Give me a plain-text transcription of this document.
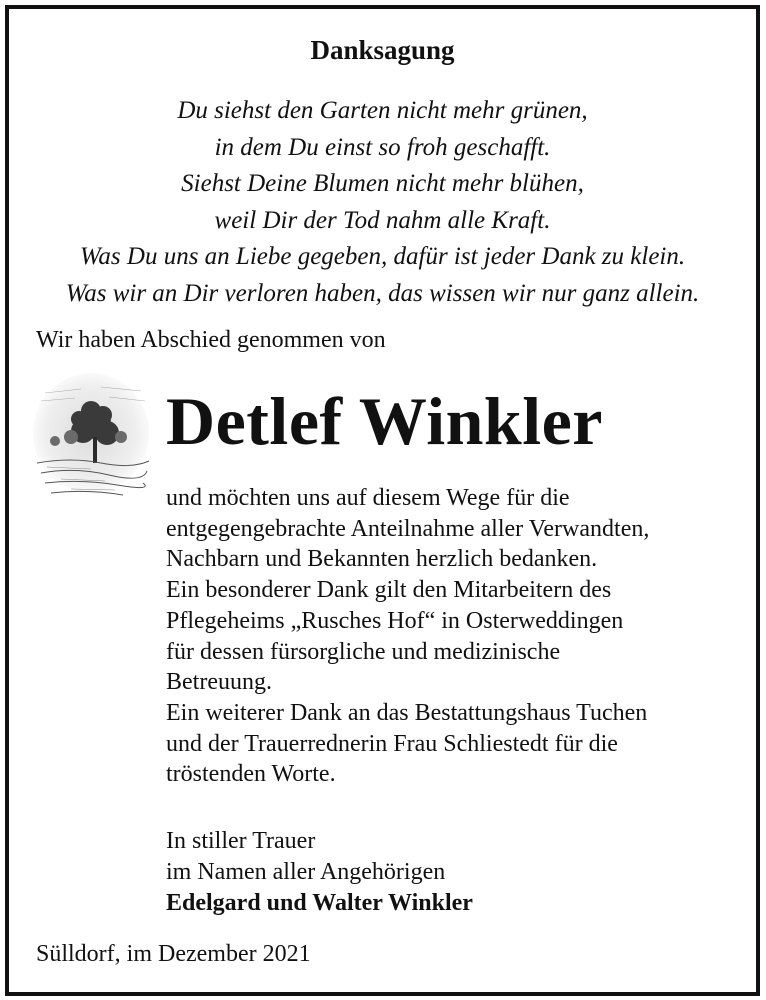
Danksagung
Du siehst den Garten nicht mehr grünen,
in dem Du einst so froh geschafft.
Siehst Deine Blumen nicht mehr blühen,
weil Dir der Tod nahm alle Kraft.
Was Du uns an Liebe gegeben, dafür ist jeder Dank zu klein.
Was wir an Dir verloren haben, das wissen wir nur ganz allein.
Wir haben Abschied genommen von
Detlef Winkler
und möchten uns auf diesem Wege für die
entgegengebrachte Anteilnahme aller Verwandten,
Nachbarn und Bekannten herzlich bedanken.
Ein besonderer Dank gilt den Mitarbeitern des
Pflegeheims „Rusches Hof“ in Osterweddingen
für dessen fürsorgliche und medizinische
Betreuung.
Ein weiterer Dank an das Bestattungshaus Tuchen
und der Trauerrednerin Frau Schliestedt für die
tröstenden Worte.
In stiller Trauer
im Namen aller Angehörigen
Edelgard und Walter Winkler
Sülldorf, im Dezember 2021
